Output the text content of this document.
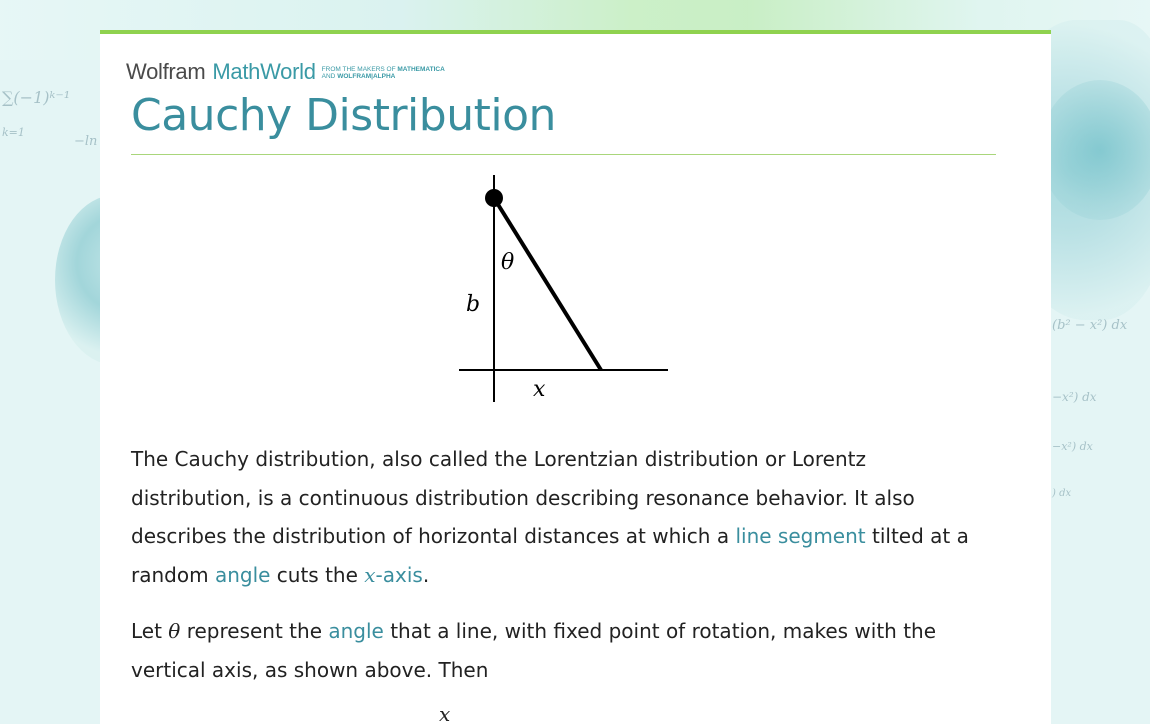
∑(−1)ᵏ⁻¹
k=1
−ln
(b² − x²) dx
−x²) dx
−x²) dx
) dx
Wolfram MathWorld FROM THE MAKERS OF MATHEMATICA
AND WOLFRAM|ALPHA
Cauchy Distribution
θ
b
x

The Cauchy distribution, also called the Lorentzian distribution or Lorentz distribution, is a continuous distribution describing resonance behavior. It also describes the distribution of horizontal distances at which a line segment tilted at a random angle cuts the x-axis.

Let θ represent the angle that a line, with fixed point of rotation, makes with the vertical axis, as shown above. Then

x
